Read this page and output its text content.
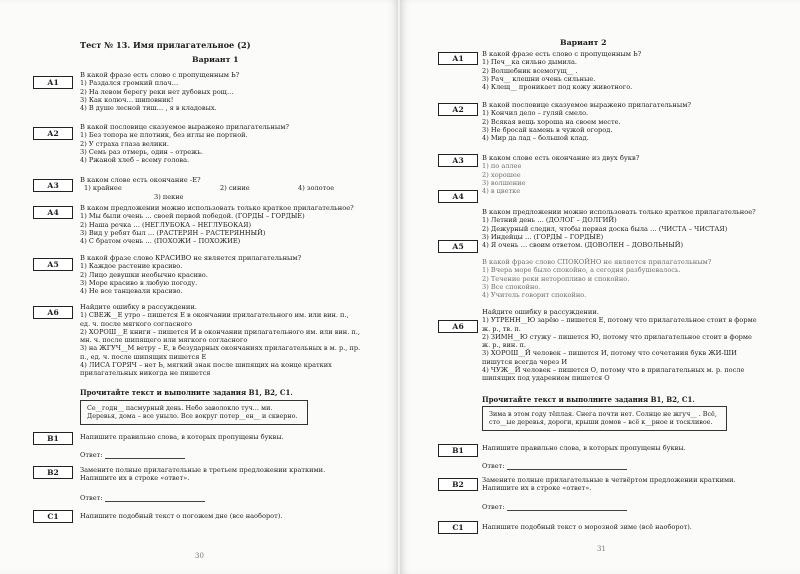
Тест № 13. Имя прилагательное (2)
Вариант 1
А1

В какой фразе есть слово с пропущенным Ь?

1) Раздался громкий плач…

2) На левом берегу реки нет дубовых рощ…

3) Как колюч… шиповник!

4) В душе лесной тиш… , я в кладовых.

А2

В какой пословице сказуемое выражено прилагательным?

1) Без топора не плотник, без иглы не портной.

2) У страха глаза велики.

3) Семь раз отмерь, один – отрежь.

4) Ржаной хлеб – всему голова.

А3

В каком слове есть окончание -Е?

1) крайнее	2) синие	4) золотое

3) пекне

А4	В каком предложении можно использовать только краткое прилагательное?

1) Мы были очень … своей первой победой. (ГОРДЫ – ГОРДЫЕ)

2) Наша речка … (НЕГЛУБОКА – НЕГЛУБОКАЯ)

3) Вид у ребят был … (РАСТЕРЯН – РАСТЕРЯННЫЙ)

4) С братом очень … (ПОХОЖИ – ПОХОЖИЕ)

А5

В какой фразе слово КРАСИВО не является прилагательным?

1) Каждое растение красиво.

2) Лицо девушки необычно красиво.

3) Море красиво в любую погоду.

4) Не все танцевали красиво.

А6

Найдите ошибку в рассуждении.

1) СВЕЖ__Е утро – пишется Е в окончании прилагательного им. или вин. п.,

ед. ч. после мягкого согласного

2) ХОРОШ__Е книги – пишется И в окончании прилагательного им. или вин. п.,

мн. ч. после шипящего или мягкого согласного

3) на ЖГУЧ__М ветру – Е, в безударных окончаниях прилагательных в м. р., пр.

п., ед. ч. после шипящих пишется Е

4) ЛИСА ГОРЯЧ – нет Ь, мягкий знак после шипящих на конце кратких

прилагательных никогда не пишется

Прочитайте текст и выполните задания В1, В2, С1.
Се__годн__ пасмурный день. Небо заволокло туч… ми. Деревья, дома – все уныло. Все вокруг потер__ен__ и скверно.
В1	Напишите правильно слова, в которых пропущены буквы.
Ответ:
В2	Замените полные прилагательные в третьем предложении краткими.

Напишите их в строке «ответ».

Ответ:
С1	Напишите подобный текст о погожем дне (все наоборот).
30
Вариант 2
А1	В какой фразе есть слово с пропущенным Ь?

1) Печ__ка сильно дымила.

2) Волшебник всемогущ__ .

3) Рач__ клешни очень сильные.

4) Клещ__ проникает под кожу животного.

А2	В какой пословице сказуемое выражено прилагательным?

1) Кончил дело – гуляй смело.

2) Всякая вещь хороша на своем месте.

3) Не бросай камень в чужой огород.

4) Мир да лад – большой клад.

А3	В каком слове есть окончание из двух букв?

1) по аллее

2) хорошее

3) волшение

4) в цветке

А4

В каком предложении можно использовать только краткое прилагательное?

1) Летний день … (ДОЛОГ – ДОЛГИЙ)

2) Дежурный следил, чтобы первая доска была … (ЧИСТА – ЧИСТАЯ)

3) Индейцы … (ГОРДЫ – ГОРДЫЕ)

4) Я очень … своим ответом. (ДОВОЛЕН – ДОВОЛЬНЫЙ)

А5

В какой фразе слово СПОКОЙНО не является прилагательным?

1) Вчера море было спокойно, а сегодня разбушевалось.

2) Течение реки неторопливо и спокойно.

3) Все спокойно.

4) Учитель говорит спокойно.

А6

Найдите ошибку в рассуждении.

1) УТРЕНН__Ю зарёю – пишется Е, потому что прилагательное стоит в форме

ж. р., тв. п.

2) ЗИМН__Ю стужу – пишется Ю, потому что прилагательное стоит в форме

ж. р., вин. п.

3) ХОРОШ__Й человек – пишется И, потому что сочетания букв ЖИ-ШИ

пишутся всегда через И

4) ЧУЖ__Й человек – пишется О, потому что в прилагательных м. р. после

шипящих под ударением пишется О

Прочитайте текст и выполните задания В1, В2, С1.
Зима в этом году тёплая. Снега почти нет. Солнце не жгуч__ . Всё, сто__ые деревья, дороги, крыши домов – всё к__рное и тоскливое.
В1	Напишите правильно слова, в которых пропущены буквы.
Ответ:
В2	Замените полные прилагательные в четвёртом предложении краткими.

Напишите их в строке «ответ».

Ответ:
С1	Напишите подобный текст о морозной зиме (всё наоборот).
31
